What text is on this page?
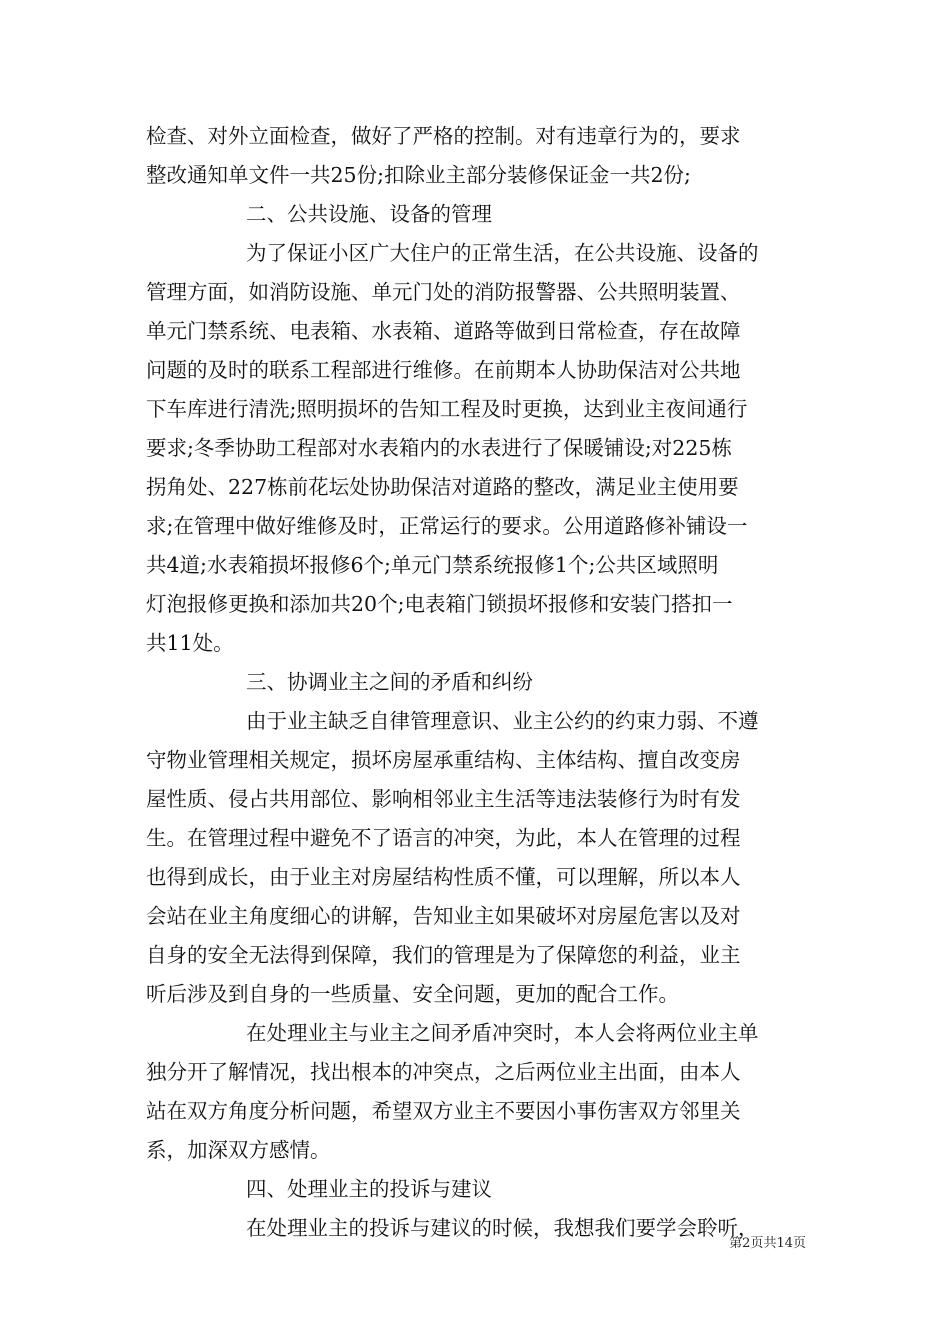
检查、对外立面检查，做好了严格的控制。对有违章行为的，要求
整改通知单文件一共25份;扣除业主部分装修保证金一共2份;
二、公共设施、设备的管理
为了保证小区广大住户的正常生活，在公共设施、设备的
管理方面，如消防设施、单元门处的消防报警器、公共照明装置、
单元门禁系统、电表箱、水表箱、道路等做到日常检查，存在故障
问题的及时的联系工程部进行维修。在前期本人协助保洁对公共地
下车库进行清洗;照明损坏的告知工程及时更换，达到业主夜间通行
要求;冬季协助工程部对水表箱内的水表进行了保暖铺设;对225栋
拐角处、227栋前花坛处协助保洁对道路的整改，满足业主使用要
求;在管理中做好维修及时，正常运行的要求。公用道路修补铺设一
共4道;水表箱损坏报修6个;单元门禁系统报修1个;公共区域照明
灯泡报修更换和添加共20个;电表箱门锁损坏报修和安装门搭扣一
共11处。
三、协调业主之间的矛盾和纠纷
由于业主缺乏自律管理意识、业主公约的约束力弱、不遵
守物业管理相关规定，损坏房屋承重结构、主体结构、擅自改变房
屋性质、侵占共用部位、影响相邻业主生活等违法装修行为时有发
生。在管理过程中避免不了语言的冲突，为此，本人在管理的过程
也得到成长，由于业主对房屋结构性质不懂，可以理解，所以本人
会站在业主角度细心的讲解，告知业主如果破坏对房屋危害以及对
自身的安全无法得到保障，我们的管理是为了保障您的利益，业主
听后涉及到自身的一些质量、安全问题，更加的配合工作。
在处理业主与业主之间矛盾冲突时，本人会将两位业主单
独分开了解情况，找出根本的冲突点，之后两位业主出面，由本人
站在双方角度分析问题，希望双方业主不要因小事伤害双方邻里关
系，加深双方感情。
四、处理业主的投诉与建议
在处理业主的投诉与建议的时候，我想我们要学会聆听，
第2页共14页
